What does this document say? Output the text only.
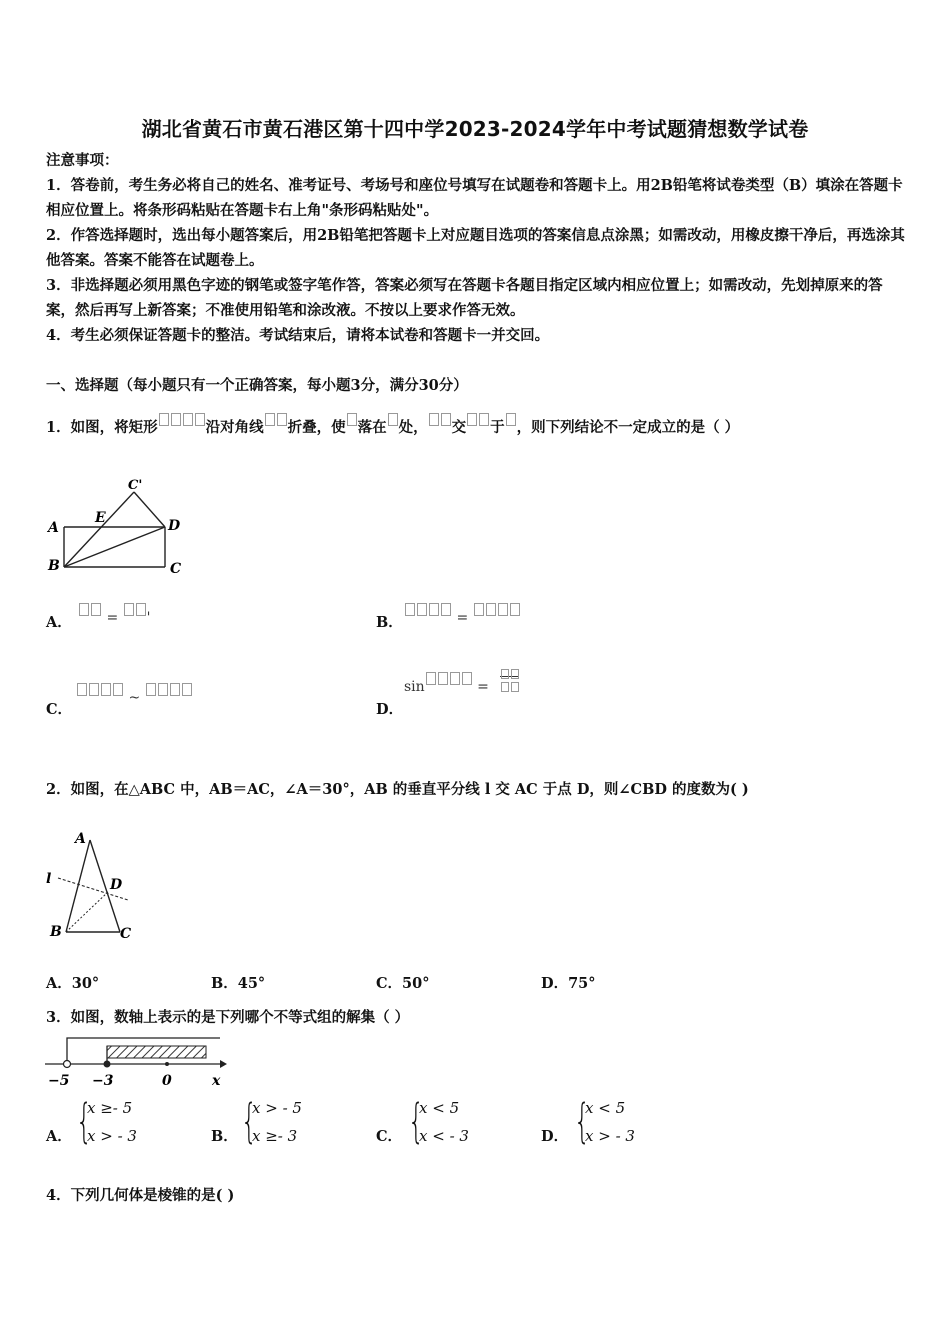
湖北省黄石市黄石港区第十四中学2023-2024学年中考试题猜想数学试卷
注意事项：
1．答卷前，考生务必将自己的姓名、准考证号、考场号和座位号填写在试题卷和答题卡上。用2B铅笔将试卷类型（B）填涂在答题卡相应位置上。将条形码粘贴在答题卡右上角"条形码粘贴处"。
2．作答选择题时，选出每小题答案后，用2B铅笔把答题卡上对应题目选项的答案信息点涂黑；如需改动，用橡皮擦干净后，再选涂其他答案。答案不能答在试题卷上。
3．非选择题必须用黑色字迹的钢笔或签字笔作答，答案必须写在答题卡各题目指定区域内相应位置上；如需改动，先划掉原来的答案，然后再写上新答案；不准使用铅笔和涂改液。不按以上要求作答无效。
4．考生必须保证答题卡的整洁。考试结束后，请将本试卷和答题卡一并交回。
一、选择题（每小题只有一个正确答案，每小题3分，满分30分）
1．如图，将矩形	沿对角线 折叠，使 落在 处， 交 于 ，则下列结论不一定成立的是（ ）
A
E
C'
D
B	C
A．	= '	B．	=
C．
~
D．
sin	=
2．如图，在△ABC 中，AB＝AC，∠A＝30°，AB 的垂直平分线 l 交 AC 于点 D，则∠CBD 的度数为( )
A
l	D
B	C
A．30°	B．45°	C．50°	D．75°
3．如图，数轴上表示的是下列哪个不等式组的解集（ ）
−5 −3	0	x
A． {
x ≥- 5
x > - 3	B． {
x > - 5
x ≥- 3	C． {
x < 5
x < - 3	D． {
x < 5
x > - 3
4．下列几何体是棱锥的是( )
